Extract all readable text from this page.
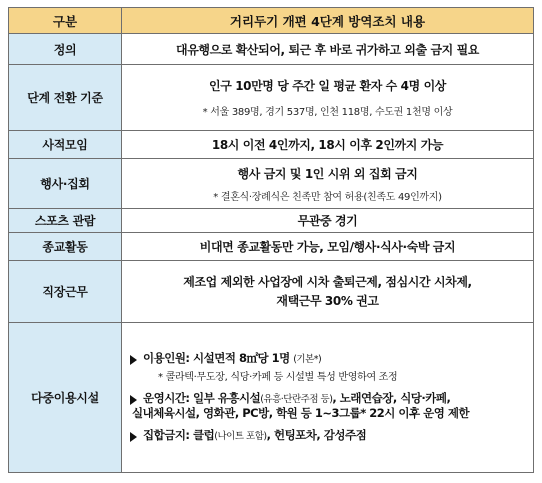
구분	거리두기 개편 4단계 방역조치 내용
정의	대유행으로 확산되어, 퇴근 후 바로 귀가하고 외출 금지 필요
단계 전환 기준	인구 10만명 당 주간 일 평균 환자 수 4명 이상
* 서울 389명, 경기 537명, 인천 118명, 수도권 1천명 이상

사적모임	18시 이전 4인까지, 18시 이후 2인까지 가능
행사·집회	행사 금지 및 1인 시위 외 집회 금지
* 결혼식·장례식은 친족만 참여 허용(친족도 49인까지)

스포츠 관람	무관중 경기
종교활동	비대면 종교활동만 가능, 모임/행사·식사·숙박 금지
직장근무	제조업 제외한 사업장에 시차 출퇴근제, 점심시간 시차제,
재택근무 30% 권고

다중이용시설	이용인원: 시설면적 8㎡당 1명 (기본*)
* 콜라텍·무도장, 식당·카페 등 시설별 특성 반영하여 조정
운영시간: 일부 유흥시설(유흥·단란주점 등), 노래연습장, 식당·카페,
실내체육시설, 영화관, PC방, 학원 등 1~3그룹* 22시 이후 운영 제한
집합금지: 클럽(나이트 포함), 헌팅포차, 감성주점
